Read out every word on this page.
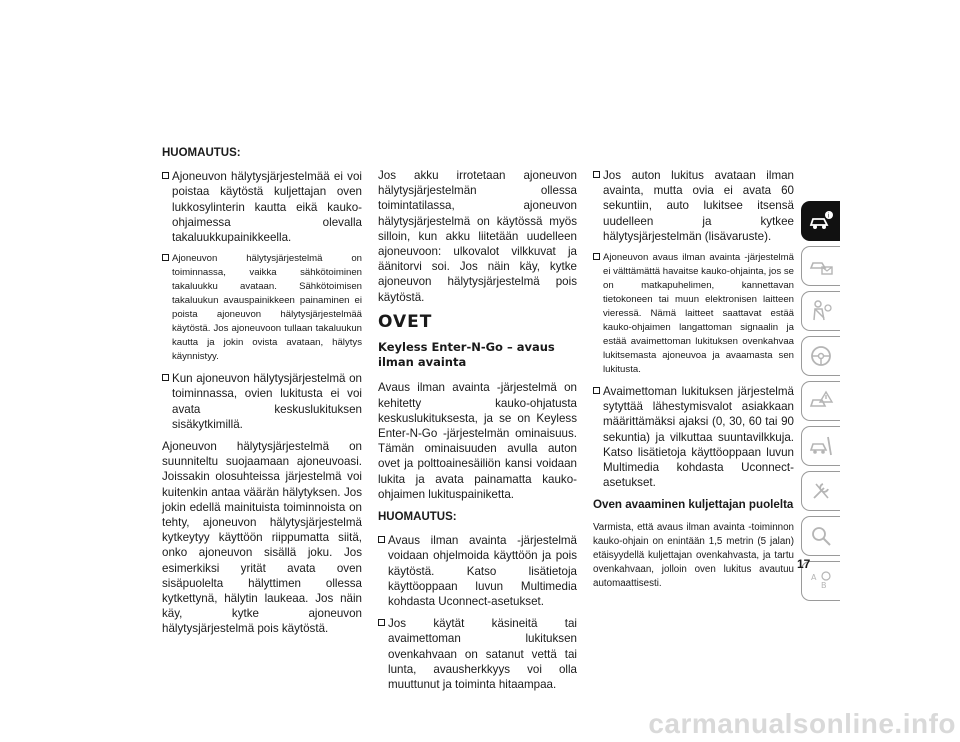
HUOMAUTUS:
Ajoneuvon hälytysjärjestelmää ei voi poistaa käytöstä kuljettajan oven lukkosylinterin kautta eikä kauko-ohjaimessa olevalla takaluukkupainikkeella.
Ajoneuvon hälytysjärjestelmä on toiminnassa, vaikka sähkötoiminen takaluukku avataan. Sähkötoimisen takaluukun avauspainikkeen painaminen ei poista ajoneuvon hälytysjärjestelmää käytöstä. Jos ajoneuvoon tullaan takaluukun kautta ja jokin ovista avataan, hälytys käynnistyy.
Kun ajoneuvon hälytysjärjestelmä on toiminnassa, ovien lukitusta ei voi avata keskuslukituksen sisäkytkimillä.
Ajoneuvon hälytysjärjestelmä on suunniteltu suojaamaan ajoneuvoasi. Joissakin olosuhteissa järjestelmä voi kuitenkin antaa väärän hälytyksen. Jos jokin edellä mainituista toiminnoista on tehty, ajoneuvon hälytysjärjestelmä kytkeytyy käyttöön riippumatta siitä, onko ajoneuvon sisällä joku. Jos esimerkiksi yrität avata oven sisäpuolelta hälyttimen ollessa kytkettynä, hälytin laukeaa. Jos näin käy, kytke ajoneuvon hälytysjärjestelmä pois käytöstä.
Jos akku irrotetaan ajoneuvon hälytysjärjestelmän ollessa toimintatilassa, ajoneuvon hälytysjärjestelmä on käytössä myös silloin, kun akku liitetään uudelleen ajoneuvoon: ulkovalot vilkkuvat ja äänitorvi soi. Jos näin käy, kytke ajoneuvon hälytysjärjestelmä pois käytöstä.
OVET
Keyless Enter-N-Go – avaus ilman avainta
Avaus ilman avainta -järjestelmä on kehitetty kauko-ohjatusta keskuslukituksesta, ja se on Keyless Enter-N-Go -järjestelmän ominaisuus. Tämän ominaisuuden avulla auton ovet ja polttoainesäiliön kansi voidaan lukita ja avata painamatta kauko-ohjaimen lukituspainiketta.
HUOMAUTUS:
Avaus ilman avainta -järjestelmä voidaan ohjelmoida käyttöön ja pois käytöstä. Katso lisätietoja käyttöoppaan luvun Multimedia kohdasta Uconnect-asetukset.
Jos käytät käsineitä tai avaimettoman lukituksen ovenkahvaan on satanut vettä tai lunta, avausherkkyys voi olla muuttunut ja toiminta hitaampaa.
Jos auton lukitus avataan ilman avainta, mutta ovia ei avata 60 sekuntiin, auto lukitsee itsensä uudelleen ja kytkee hälytysjärjestelmän (lisävaruste).
Ajoneuvon avaus ilman avainta -järjestelmä ei välttämättä havaitse kauko-ohjainta, jos se on matkapuhelimen, kannettavan tietokoneen tai muun elektronisen laitteen vieressä. Nämä laitteet saattavat estää kauko-ohjaimen langattoman signaalin ja estää avaimettoman lukituksen ovenkahvaa lukitsemasta ajoneuvoa ja avaamasta sen lukitusta.
Avaimettoman lukituksen järjestelmä sytyttää lähestymisvalot asiakkaan määrittämäksi ajaksi (0, 30, 60 tai 90 sekuntia) ja vilkuttaa suuntavilkkuja. Katso lisätietoja käyttöoppaan luvun Multimedia kohdasta Uconnect-asetukset.
Oven avaaminen kuljettajan puolelta
Varmista, että avaus ilman avainta -toiminnon kauko-ohjain on enintään 1,5 metrin (5 jalan) etäisyydellä kuljettajan ovenkahvasta, ja tartu ovenkahvaan, jolloin oven lukitus avautuu automaattisesti.
i
A
B
17
carmanualsonline.info
